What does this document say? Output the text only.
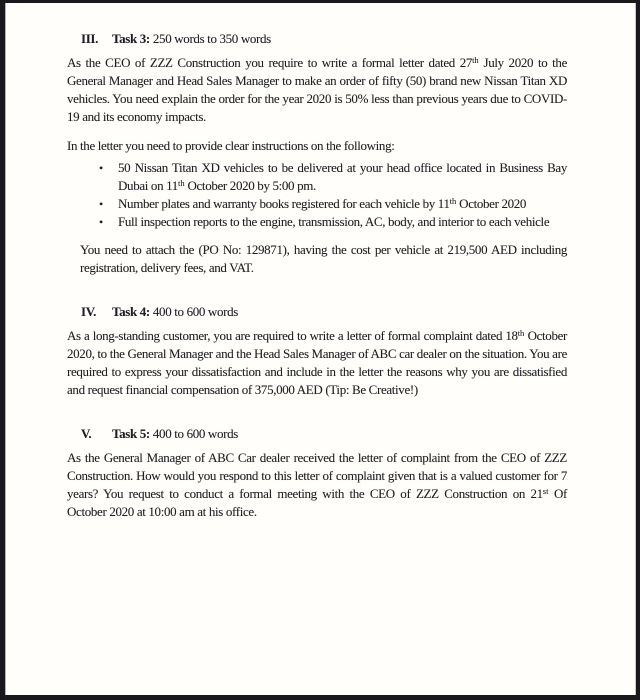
III. Task 3: 250 words to 350 words

As the CEO of ZZZ Construction you require to write a formal letter dated 27th July 2020 to the General Manager and Head Sales Manager to make an order of fifty (50) brand new Nissan Titan XD vehicles. You need explain the order for the year 2020 is 50% less than previous years due to COVID-19 and its economy impacts.

In the letter you need to provide clear instructions on the following:

• 50 Nissan Titan XD vehicles to be delivered at your head office located in Business Bay Dubai on 11th October 2020 by 5:00 pm.
• Number plates and warranty books registered for each vehicle by 11th October 2020
• Full inspection reports to the engine, transmission, AC, body, and interior to each vehicle

You need to attach the (PO No: 129871), having the cost per vehicle at 219,500 AED including registration, delivery fees, and VAT.

IV. Task 4: 400 to 600 words

As a long-standing customer, you are required to write a letter of formal complaint dated 18th October 2020, to the General Manager and the Head Sales Manager of ABC car dealer on the situation. You are required to express your dissatisfaction and include in the letter the reasons why you are dissatisfied and request financial compensation of 375,000 AED (Tip: Be Creative!)

V. Task 5: 400 to 600 words

As the General Manager of ABC Car dealer received the letter of complaint from the CEO of ZZZ Construction. How would you respond to this letter of complaint given that is a valued customer for 7 years? You request to conduct a formal meeting with the CEO of ZZZ Construction on 21st Of October 2020 at 10:00 am at his office.
